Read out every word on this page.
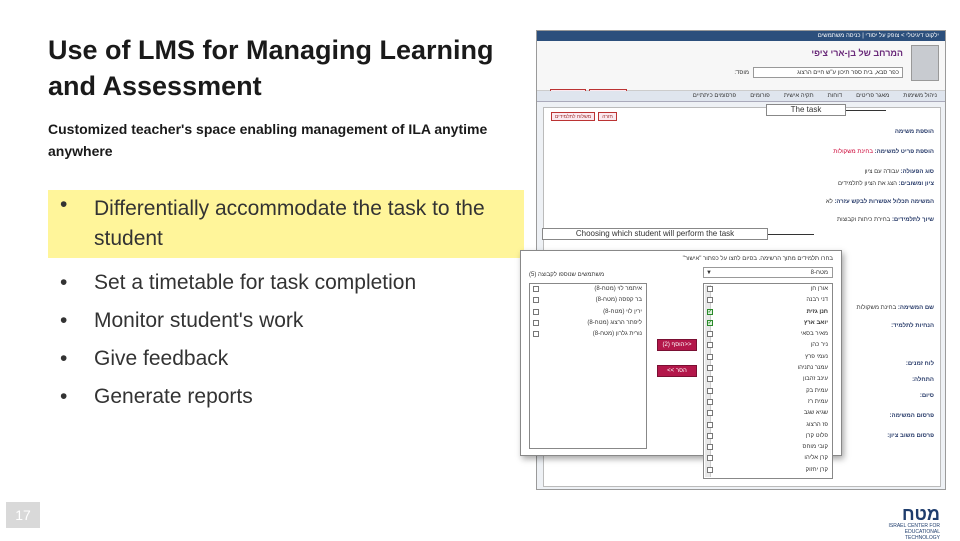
Use of LMS for Managing Learning and Assessment
Customized teacher's space enabling management of ILA anytime anywhere
• Differentially accommodate the task to the student
• Set a timetable for task completion
• Monitor student's work
• Give feedback
• Generate reports
17	מטח
ISRAEL CENTER FOR EDUCATIONAL TECHNOLOGY
ילקוט דיגיטלי > צופק על יסודי | כניסה משתמשים
המרחב של בן-ארי ציפי
מוסד:	כפר סבא, בית ספר תיכון ע"ש חיים הרצוג
ניהול משימותמאגר פריטיםדוחותתקיה אישיתפורומיםפרסומים כיתתיים
חזרהמשלוח לתלמידים
הוספת משימה
הוספת פריט למשימה: בחינת משקולות
סוג הפעולה: עבודה עם ציון
ציון ומשובים: הצג את הציון לתלמידים
המשימה תכלול אפשרות לבקש עזרה: לא
שיוך לתלמידים: בחירת כיתות וקבוצות
שם המשימה: בחינת משקולות
הנחיות לתלמיד:
לוח זמנים:
התחלה:
סיום:
פרסום המשימה:
פרסום משוב ציון:
The task
Choosing which student will perform the task
בחרו תלמידים מתוך הרשימה. בסיום לחצו על כפתור "אישור"
מטח-8
▼
משתמשים שנוספו לקבוצה (5)
אורן חן
דני רבנה
חנן גזית
✓
יואב ארץ
✓
מאיר בסאי
ניר כהן
נעמי פרץ
עמנר נתניהו
עינב זהבון
עמית בק
עמית רז
שגיא שגב
פז הרצוג
פלוט קרן
קובי מוחס
קרן אליהו
קרן יחזוק
הוסף (2)>>
<< הסר
איתמר לוי (מטח-8)
בר קפסה (מטח-8)
ירין לוי (מטח-8)
ליפתר הרצוג (מטח-8)
נורית גלרון (מטח-8)
